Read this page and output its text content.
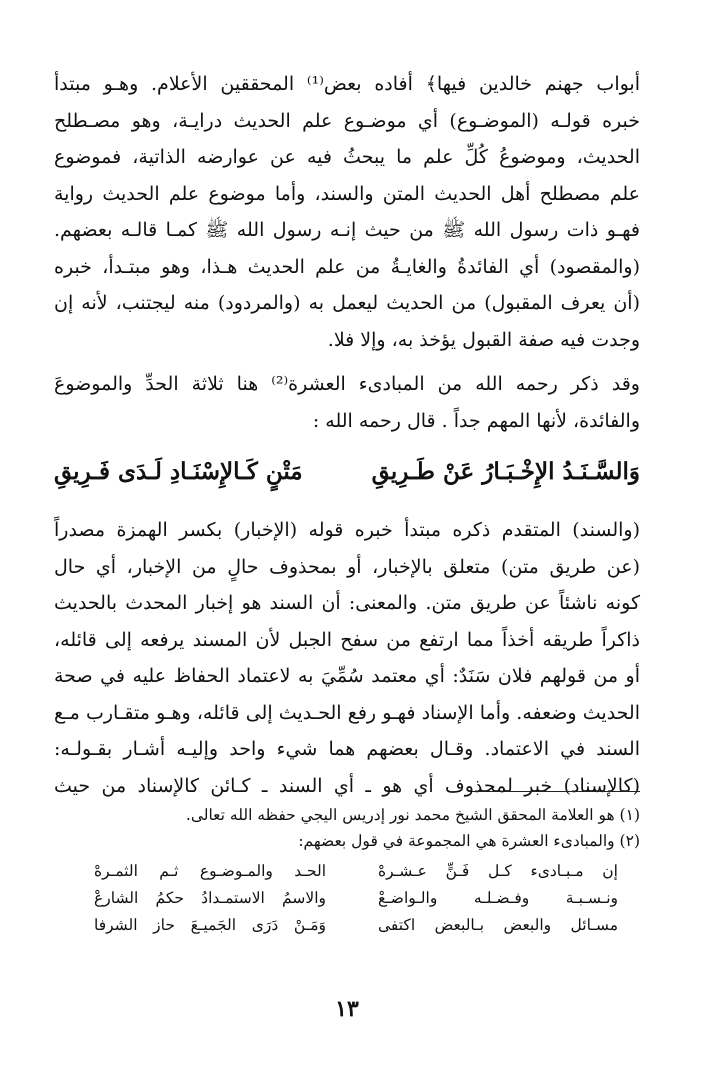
أبواب جهنم خالدين فيها﴾ أفاده بعض⁽¹⁾ المحققين الأعلام. وهـو مبتدأ
خبره قولـه (الموضـوع) أي موضـوع علم الحديث درايـة، وهو مصـطلح
الحديث، وموضوعُ كُلِّ علم ما يبحثُ فيه عن عوارضه الذاتية، فموضوع
علم مصطلح أهل الحديث المتن والسند، وأما موضوع علم الحديث رواية
فهـو ذات رسول الله ﷺ من حيث إنـه رسول الله ﷺ كمـا قالـه بعضهم.
(والمقصود) أي الفائدةُ والغايـةُ من علم الحديث هـذا، وهو مبتـدأ، خبره
(أن يعرف المقبول) من الحديث ليعمل به (والمردود) منه ليجتنب، لأنه إن
وجدت فيه صفة القبول يؤخذ به، وإلا فلا.
وقد ذكر رحمه الله من المبادىء العشرة⁽²⁾ هنا ثلاثة الحدِّ والموضوعَ
والفائدة، لأنها المهم جداً . قال رحمه الله :
وَالسَّـنَـدُ الإِخْـبَـارُ عَنْ طَـرِيقِ
مَتْنٍ كَـالإِسْنَـادِ لَـدَى فَـرِيقِ
(والسند) المتقدم ذكره مبتدأ خبره قوله (الإخبار) بكسر الهمزة مصدراً
(عن طريق متن) متعلق بالإخبار، أو بمحذوف حالٍ من الإخبار، أي حال
كونه ناشئاً عن طريق متن. والمعنى: أن السند هو إخبار المحدث بالحديث
ذاكراً طريقه أخذاً مما ارتفع من سفح الجبل لأن المسند يرفعه إلى قائله،
أو من قولهم فلان سَنَدٌ: أي معتمد سُمِّيَ به لاعتماد الحفاظ عليه في صحة
الحديث وضعفه. وأما الإسناد فهـو رفع الحـديث إلى قائله، وهـو متقـارب مـع
السند في الاعتماد. وقـال بعضهم هما شيء واحد وإليـه أشـار بقـولـه:
(كالإسناد) خبر لمحذوف أي هو ـ أي السند ـ كـائن كالإسناد من حيث
(١) هو العلامة المحقق الشيخ محمد نور إدريس اليجي حفظه الله تعالى.
(٢) والمبادىء العشرة هي المجموعة في قول بعضهم:
إن مـبـادىء كـل فَـنٍّ عـشـرهْ
الحـد والمـوضـوع ثـم الثمـرهْ
ونـسـبـة وفـضـلـه والـواضـعْ
والاسمُ الاستمـدادُ حكمُ الشارعْ
مسـائل والبعض بـالبعض اكتفى
وَمَـنْ دَرَى الجَميـعَ حاز الشرفا
١٣
